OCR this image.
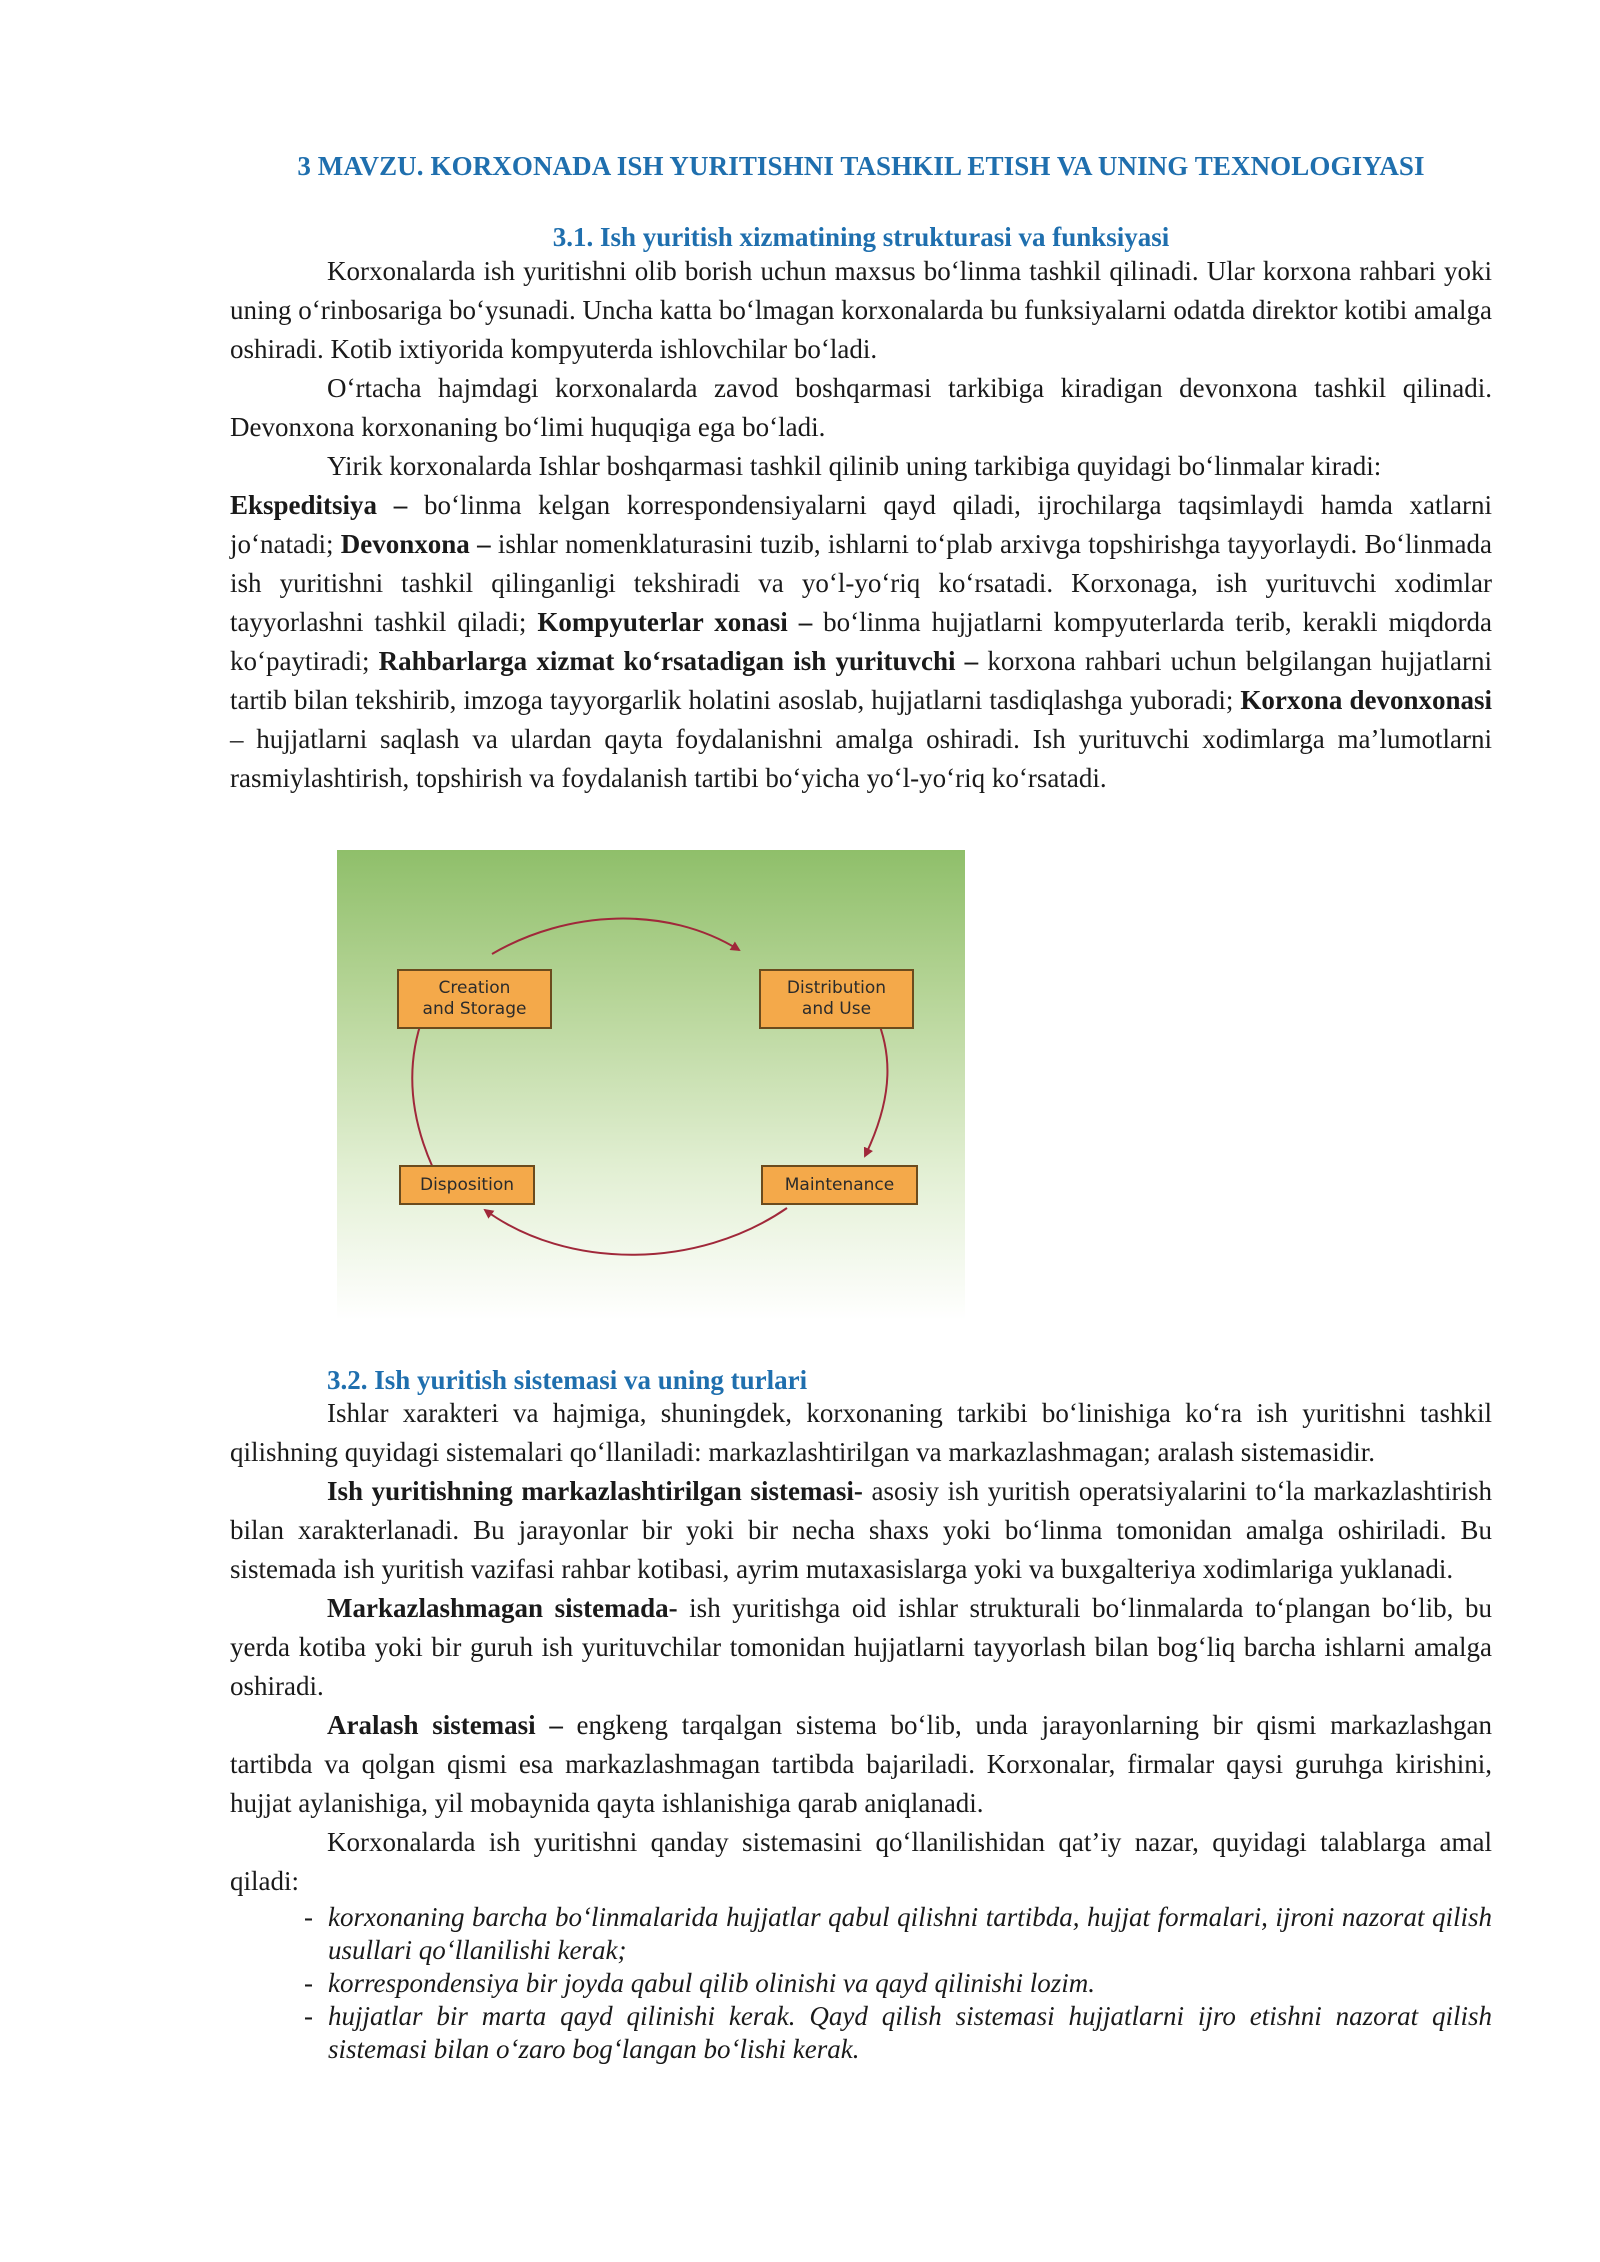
3 MAVZU. KORXONADA ISH YURITISHNI TASHKIL ETISH VA UNING TEXNOLOGIYASI
3.1. Ish yuritish xizmatining strukturasi va funksiyasi

Korxonalarda ish yuritishni olib borish uchun maxsus bo‘linma tashkil qilinadi. Ular korxona rahbari yoki uning o‘rinbosariga bo‘ysunadi. Uncha katta bo‘lmagan korxonalarda bu funksiyalarni odatda direktor kotibi amalga oshiradi. Kotib ixtiyorida kompyuterda ishlovchilar bo‘ladi.

O‘rtacha hajmdagi korxonalarda zavod boshqarmasi tarkibiga kiradigan devonxona tashkil qilinadi. Devonxona korxonaning bo‘limi huquqiga ega bo‘ladi.

Yirik korxonalarda Ishlar boshqarmasi tashkil qilinib uning tarkibiga quyidagi bo‘linmalar kiradi:

Ekspeditsiya – bo‘linma kelgan korrespondensiyalarni qayd qiladi, ijrochilarga taqsimlaydi hamda xatlarni jo‘natadi; Devonxona – ishlar nomenklaturasini tuzib, ishlarni to‘plab arxivga topshirishga tayyorlaydi. Bo‘linmada ish yuritishni tashkil qilinganligi tekshiradi va yo‘l-yo‘riq ko‘rsatadi. Korxonaga, ish yurituvchi xodimlar tayyorlashni tashkil qiladi; Kompyuterlar xonasi – bo‘linma hujjatlarni kompyuterlarda terib, kerakli miqdorda ko‘paytiradi; Rahbarlarga xizmat ko‘rsatadigan ish yurituvchi – korxona rahbari uchun belgilangan hujjatlarni tartib bilan tekshirib, imzoga tayyorgarlik holatini asoslab, hujjatlarni tasdiqlashga yuboradi; Korxona devonxonasi – hujjatlarni saqlash va ulardan qayta foydalanishni amalga oshiradi. Ish yurituvchi xodimlarga ma’lumotlarni rasmiylashtirish, topshirish va foydalanish tartibi bo‘yicha yo‘l-yo‘riq ko‘rsatadi.

Creation
and Storage
Distribution
and Use
Disposition	Maintenance
3.2. Ish yuritish sistemasi va uning turlari

Ishlar xarakteri va hajmiga, shuningdek, korxonaning tarkibi bo‘linishiga ko‘ra ish yuritishni tashkil qilishning quyidagi sistemalari qo‘llaniladi: markazlashtirilgan va markazlashmagan; aralash sistemasidir.

Ish yuritishning markazlashtirilgan sistemasi- asosiy ish yuritish operatsiyalarini to‘la markazlashtirish bilan xarakterlanadi. Bu jarayonlar bir yoki bir necha shaxs yoki bo‘linma tomonidan amalga oshiriladi. Bu sistemada ish yuritish vazifasi rahbar kotibasi, ayrim mutaxasislarga yoki va buxgalteriya xodimlariga yuklanadi.

Markazlashmagan sistemada- ish yuritishga oid ishlar strukturali bo‘linmalarda to‘plangan bo‘lib, bu yerda kotiba yoki bir guruh ish yurituvchilar tomonidan hujjatlarni tayyorlash bilan bog‘liq barcha ishlarni amalga oshiradi.

Aralash sistemasi – engkeng tarqalgan sistema bo‘lib, unda jarayonlarning bir qismi markazlashgan tartibda va qolgan qismi esa markazlashmagan tartibda bajariladi. Korxonalar, firmalar qaysi guruhga kirishini, hujjat aylanishiga, yil mobaynida qayta ishlanishiga qarab aniqlanadi.

Korxonalarda ish yuritishni qanday sistemasini qo‘llanilishidan qat’iy nazar, quyidagi talablarga amal qiladi:

- korxonaning barcha bo‘linmalarida hujjatlar qabul qilishni tartibda, hujjat formalari, ijroni nazorat qilish usullari qo‘llanilishi kerak;
- korrespondensiya bir joyda qabul qilib olinishi va qayd qilinishi lozim.
- hujjatlar bir marta qayd qilinishi kerak. Qayd qilish sistemasi hujjatlarni ijro etishni nazorat qilish sistemasi bilan o‘zaro bog‘langan bo‘lishi kerak.
